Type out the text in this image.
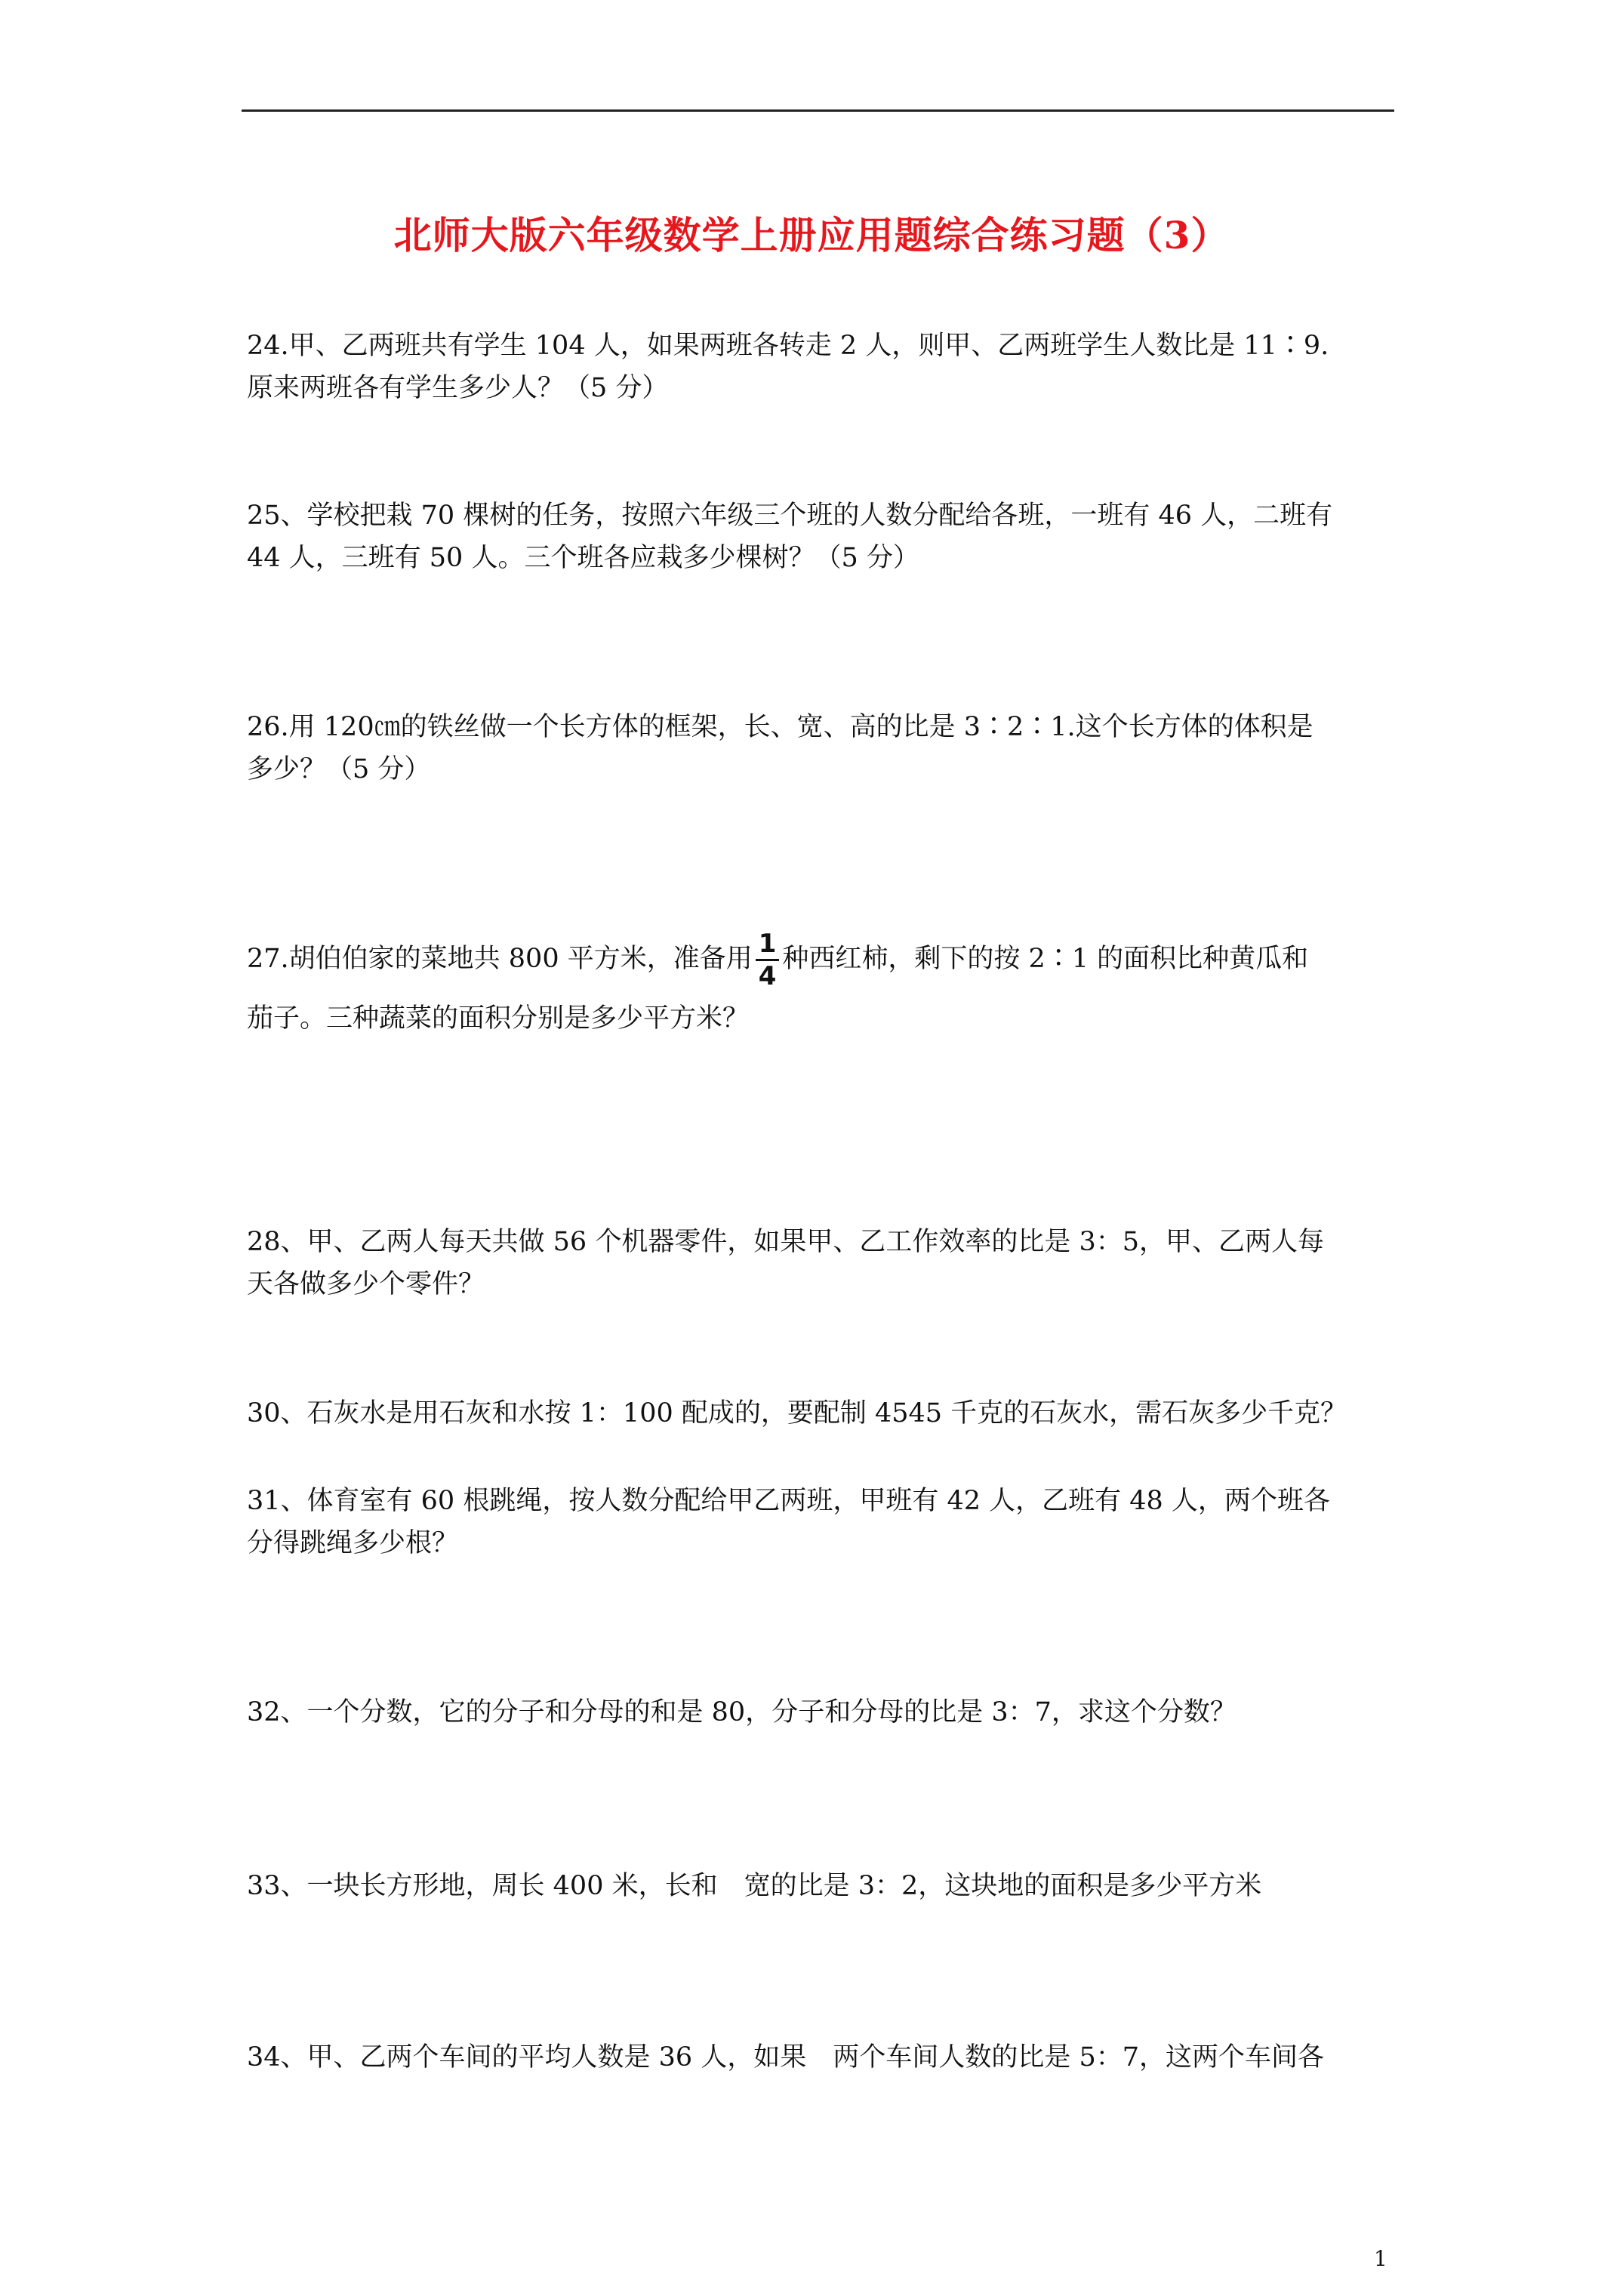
北师大版六年级数学上册应用题综合练习题（3）

24.甲、乙两班共有学生 104 人，如果两班各转走 2 人，则甲、乙两班学生人数比是 11∶9.

原来两班各有学生多少人？（5 分）

25、学校把栽 70 棵树的任务，按照六年级三个班的人数分配给各班，一班有 46 人，二班有

44 人，三班有 50 人。三个班各应栽多少棵树？（5 分）

26.用 120㎝的铁丝做一个长方体的框架，长、宽、高的比是 3∶2∶1.这个长方体的体积是

多少？（5 分）

27.胡伯伯家的菜地共 800 平方米，准备用 $\frac{1}{4}$ 种西红柿，剩下的按 2∶1 的面积比种黄瓜和

茄子。三种蔬菜的面积分别是多少平方米？

28、甲、乙两人每天共做 56 个机器零件，如果甲、乙工作效率的比是 3：5，甲、乙两人每

天各做多少个零件？

30、石灰水是用石灰和水按 1：100 配成的，要配制 4545 千克的石灰水，需石灰多少千克？

31、体育室有 60 根跳绳，按人数分配给甲乙两班，甲班有 42 人，乙班有 48 人，两个班各

分得跳绳多少根？

32、一个分数，它的分子和分母的和是 80，分子和分母的比是 3：7，求这个分数？

33、一块长方形地，周长 400 米，长和　宽的比是 3：2，这块地的面积是多少平方米

34、甲、乙两个车间的平均人数是 36 人，如果　两个车间人数的比是 5：7，这两个车间各

1
